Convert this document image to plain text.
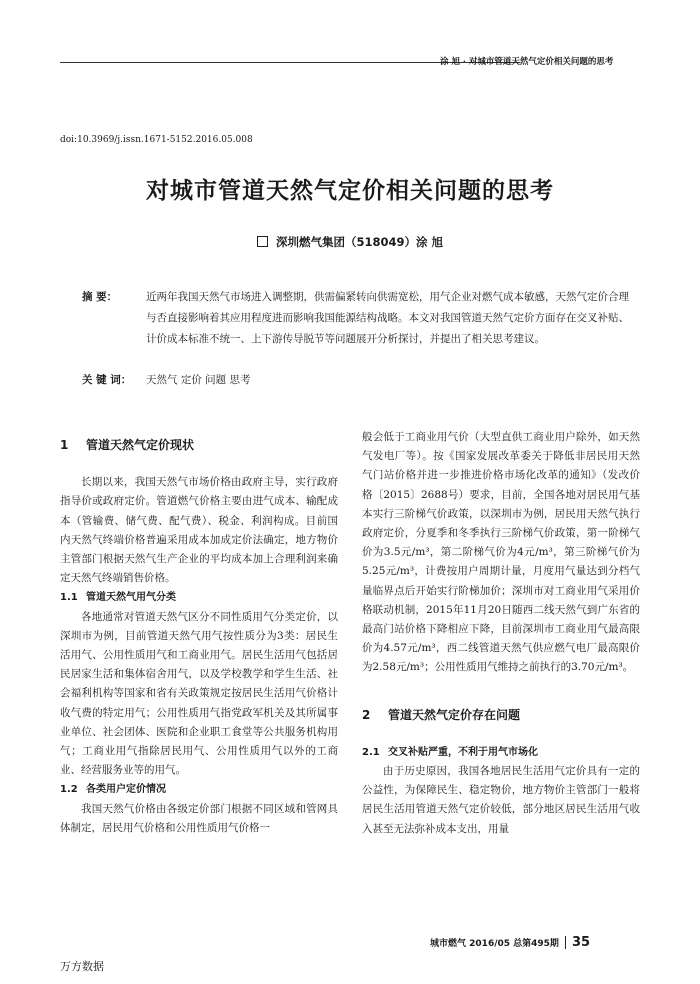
涂 旭 · 对城市管道天然气定价相关问题的思考
doi:10.3969/j.issn.1671-5152.2016.05.008
对城市管道天然气定价相关问题的思考
深圳燃气集团（518049）涂 旭
摘 要：	近两年我国天然气市场进入调整期，供需偏紧转向供需宽松，用气企业对燃气成本敏感，天然气定价合理与否直接影响着其应用程度进而影响我国能源结构战略。本文对我国管道天然气定价方面存在交叉补贴、计价成本标准不统一、上下游传导脱节等问题展开分析探讨，并提出了相关思考建议。
关 键 词： 天然气 定价 问题 思考
1 管道天然气定价现状

长期以来，我国天然气市场价格由政府主导，实行政府指导价或政府定价。管道燃气价格主要由进气成本、输配成本（管输费、储气费、配气费）、税金、利润构成。目前国内天然气终端价格普遍采用成本加成定价法确定，地方物价主管部门根据天然气生产企业的平均成本加上合理利润来确定天然气终端销售价格。

1.1 管道天然气用气分类

各地通常对管道天然气区分不同性质用气分类定价，以深圳市为例，目前管道天然气用气按性质分为3类：居民生活用气、公用性质用气和工商业用气。居民生活用气包括居民居家生活和集体宿舍用气，以及学校教学和学生生活、社会福利机构等国家和省有关政策规定按居民生活用气价格计收气费的特定用气；公用性质用气指党政军机关及其所属事业单位、社会团体、医院和企业职工食堂等公共服务机构用气；工商业用气指除居民用气、公用性质用气以外的工商业、经营服务业等的用气。

1.2 各类用户定价情况

我国天然气价格由各级定价部门根据不同区域和管网具体制定，居民用气价格和公用性质用气价格一

般会低于工商业用气价（大型直供工商业用户除外，如天然气发电厂等）。按《国家发展改革委关于降低非居民用天然气门站价格并进一步推进价格市场化改革的通知》（发改价格〔2015〕2688号）要求，目前，全国各地对居民用气基本实行三阶梯气价政策，以深圳市为例，居民用天然气执行政府定价，分夏季和冬季执行三阶梯气价政策，第一阶梯气价为3.5元/m³，第二阶梯气价为4元/m³，第三阶梯气价为5.25元/m³，计费按用户周期计量，月度用气量达到分档气量临界点后开始实行阶梯加价；深圳市对工商业用气采用价格联动机制，2015年11月20日随西二线天然气到广东省的最高门站价格下降相应下降，目前深圳市工商业用气最高限价为4.57元/m³，西二线管道天然气供应燃气电厂最高限价为2.58元/m³；公用性质用气维持之前执行的3.70元/m³。

2 管道天然气定价存在问题
2.1 交叉补贴严重，不利于用气市场化

由于历史原因，我国各地居民生活用气定价具有一定的公益性，为保障民生、稳定物价，地方物价主管部门一般将居民生活用管道天然气定价较低，部分地区居民生活用气收入甚至无法弥补成本支出，用量

城市燃气 2016/05 总第495期 35
万方数据
